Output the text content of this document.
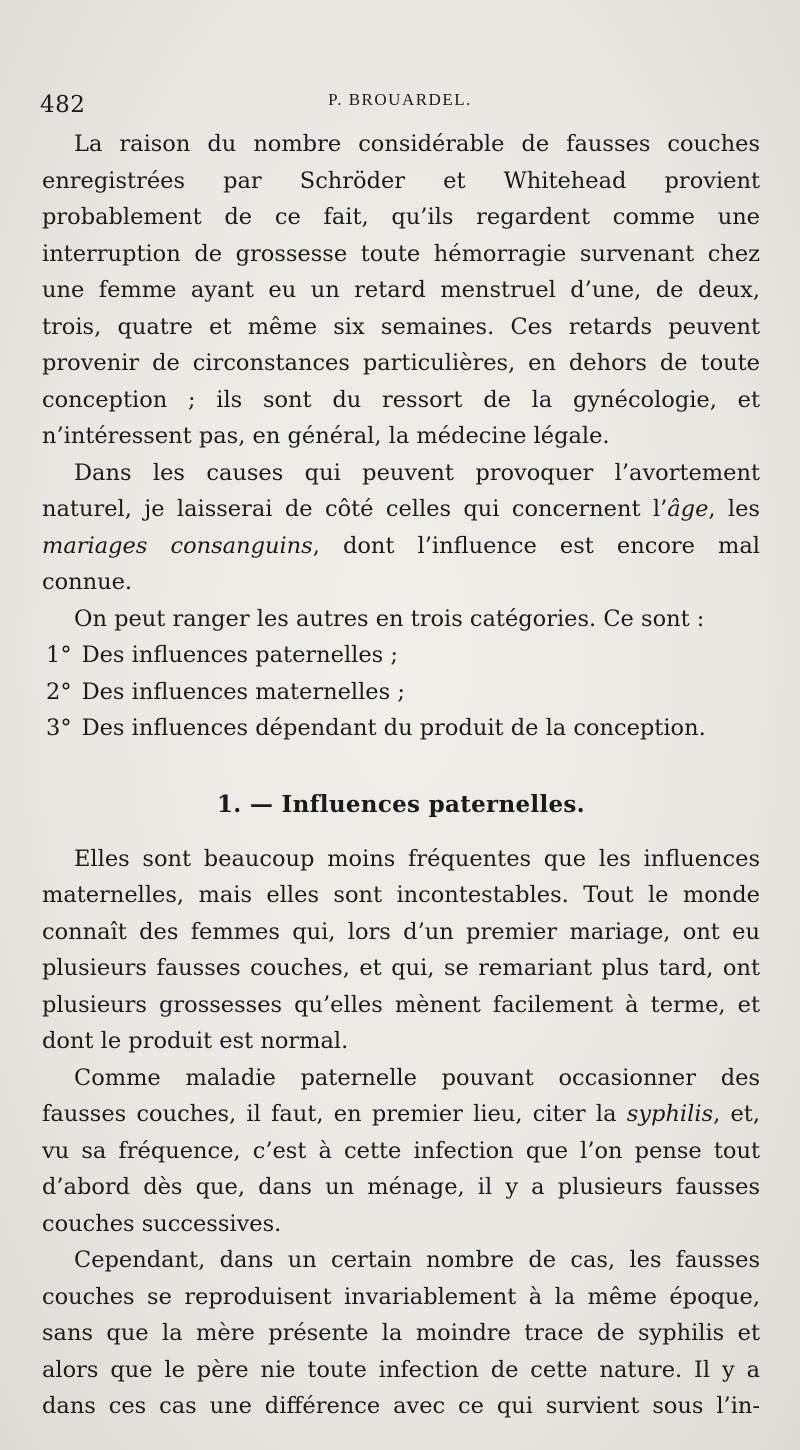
482	P. BROUARDEL.

La raison du nombre considérable de fausses couches enregistrées par Schröder et Whitehead provient probablement de ce fait, qu’ils regardent comme une interruption de grossesse toute hémorragie survenant chez une femme ayant eu un retard menstruel d’une, de deux, trois, quatre et même six semaines. Ces retards peuvent provenir de circonstances particulières, en dehors de toute conception ; ils sont du ressort de la gynécologie, et n’intéressent pas, en général, la médecine légale.

Dans les causes qui peuvent provoquer l’avortement naturel, je laisserai de côté celles qui concernent l’âge, les mariages consanguins, dont l’influence est encore mal connue.

On peut ranger les autres en trois catégories. Ce sont :

1° Des influences paternelles ;
2° Des influences maternelles ;
3° Des influences dépendant du produit de la conception.
1. — Influences paternelles.

Elles sont beaucoup moins fréquentes que les influences maternelles, mais elles sont incontestables. Tout le monde connaît des femmes qui, lors d’un premier mariage, ont eu plusieurs fausses couches, et qui, se remariant plus tard, ont plusieurs grossesses qu’elles mènent facilement à terme, et dont le produit est normal.

Comme maladie paternelle pouvant occasionner des fausses couches, il faut, en premier lieu, citer la syphilis, et, vu sa fréquence, c’est à cette infection que l’on pense tout d’abord dès que, dans un ménage, il y a plusieurs fausses couches successives.

Cependant, dans un certain nombre de cas, les fausses couches se reproduisent invariablement à la même époque, sans que la mère présente la moindre trace de syphilis et alors que le père nie toute infection de cette nature. Il y a dans ces cas une différence avec ce qui survient sous l’in-
